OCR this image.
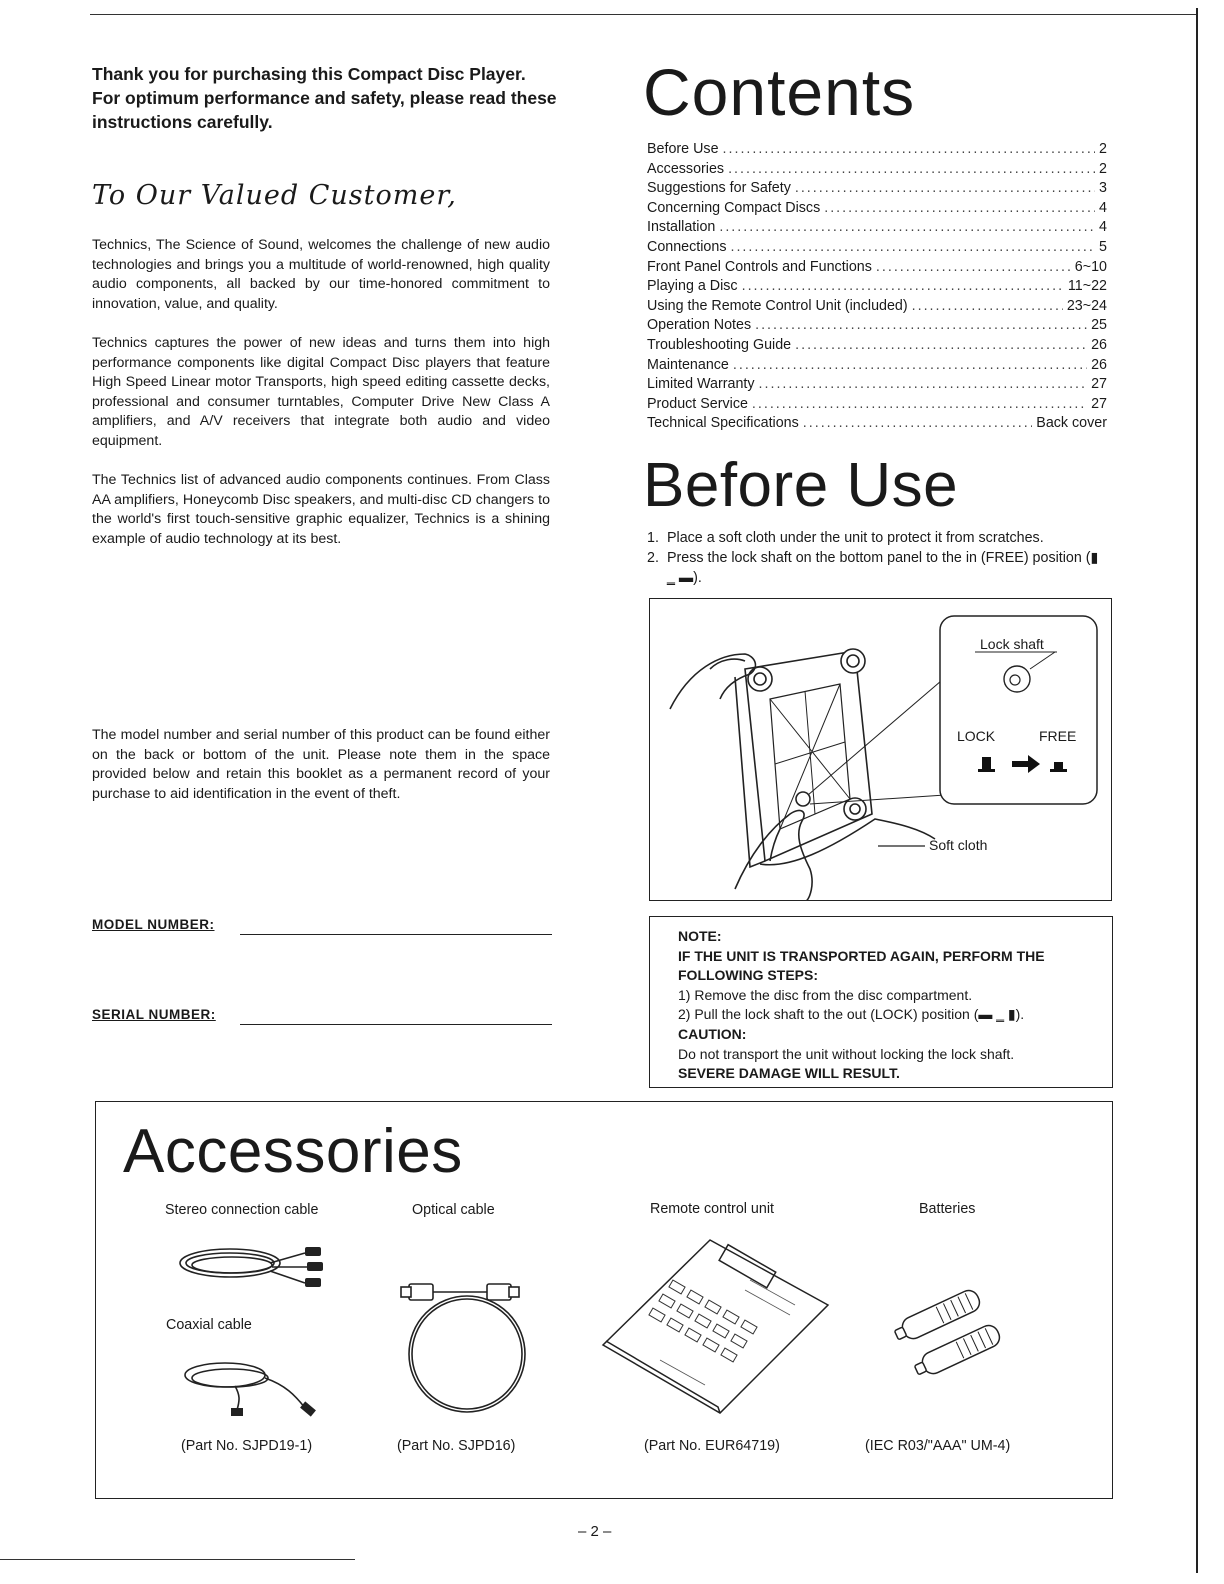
Thank you for purchasing this Compact Disc Player.
For optimum performance and safety, please read these instructions carefully.
To Our Valued Customer,
Technics, The Science of Sound, welcomes the challenge of new audio technologies and brings you a multitude of world-renowned, high quality audio components, all backed by our time-honored commitment to innovation, value, and quality.
Technics captures the power of new ideas and turns them into high performance components like digital Compact Disc players that feature High Speed Linear motor Transports, high speed editing cassette decks, professional and consumer turntables, Computer Drive New Class A amplifiers, and A/V receivers that integrate both audio and video equipment.
The Technics list of advanced audio components continues. From Class AA amplifiers, Honeycomb Disc speakers, and multi-disc CD changers to the world's first touch-sensitive graphic equalizer, Technics is a shining example of audio technology at its best.
The model number and serial number of this product can be found either on the back or bottom of the unit. Please note them in the space provided below and retain this booklet as a permanent record of your purchase to aid identification in the event of theft.
MODEL NUMBER:
SERIAL NUMBER:
Contents
Before Use .....	2
Accessories .....	2
Suggestions for Safety .....	3
Concerning Compact Discs .....	4
Installation .....	4
Connections .....	5
Front Panel Controls and Functions .....	6~10
Playing a Disc .....	11~22
Using the Remote Control Unit (included) .....	23~24
Operation Notes .....	25
Troubleshooting Guide .....	26
Maintenance .....	26
Limited Warranty .....	27
Product Service .....	27
Technical Specifications .....	Back cover
Before Use
1. Place a soft cloth under the unit to protect it from scratches.
2. Press the lock shaft on the bottom panel to the in (FREE) position (▮ ‗ ▬).
Lock shaft
LOCK	FREE
Soft cloth
NOTE:
IF THE UNIT IS TRANSPORTED AGAIN, PERFORM THE FOLLOWING STEPS:
1) Remove the disc from the disc compartment.
2) Pull the lock shaft to the out (LOCK) position (▬ ‗ ▮).
CAUTION:
Do not transport the unit without locking the lock shaft.
SEVERE DAMAGE WILL RESULT.
Accessories
Stereo connection cable	Optical cable	Remote control unit	Batteries
Coaxial cable
(Part No. SJPD19-1)	(Part No. SJPD16)	(Part No. EUR64719)	(IEC R03/"AAA" UM-4)
– 2 –
